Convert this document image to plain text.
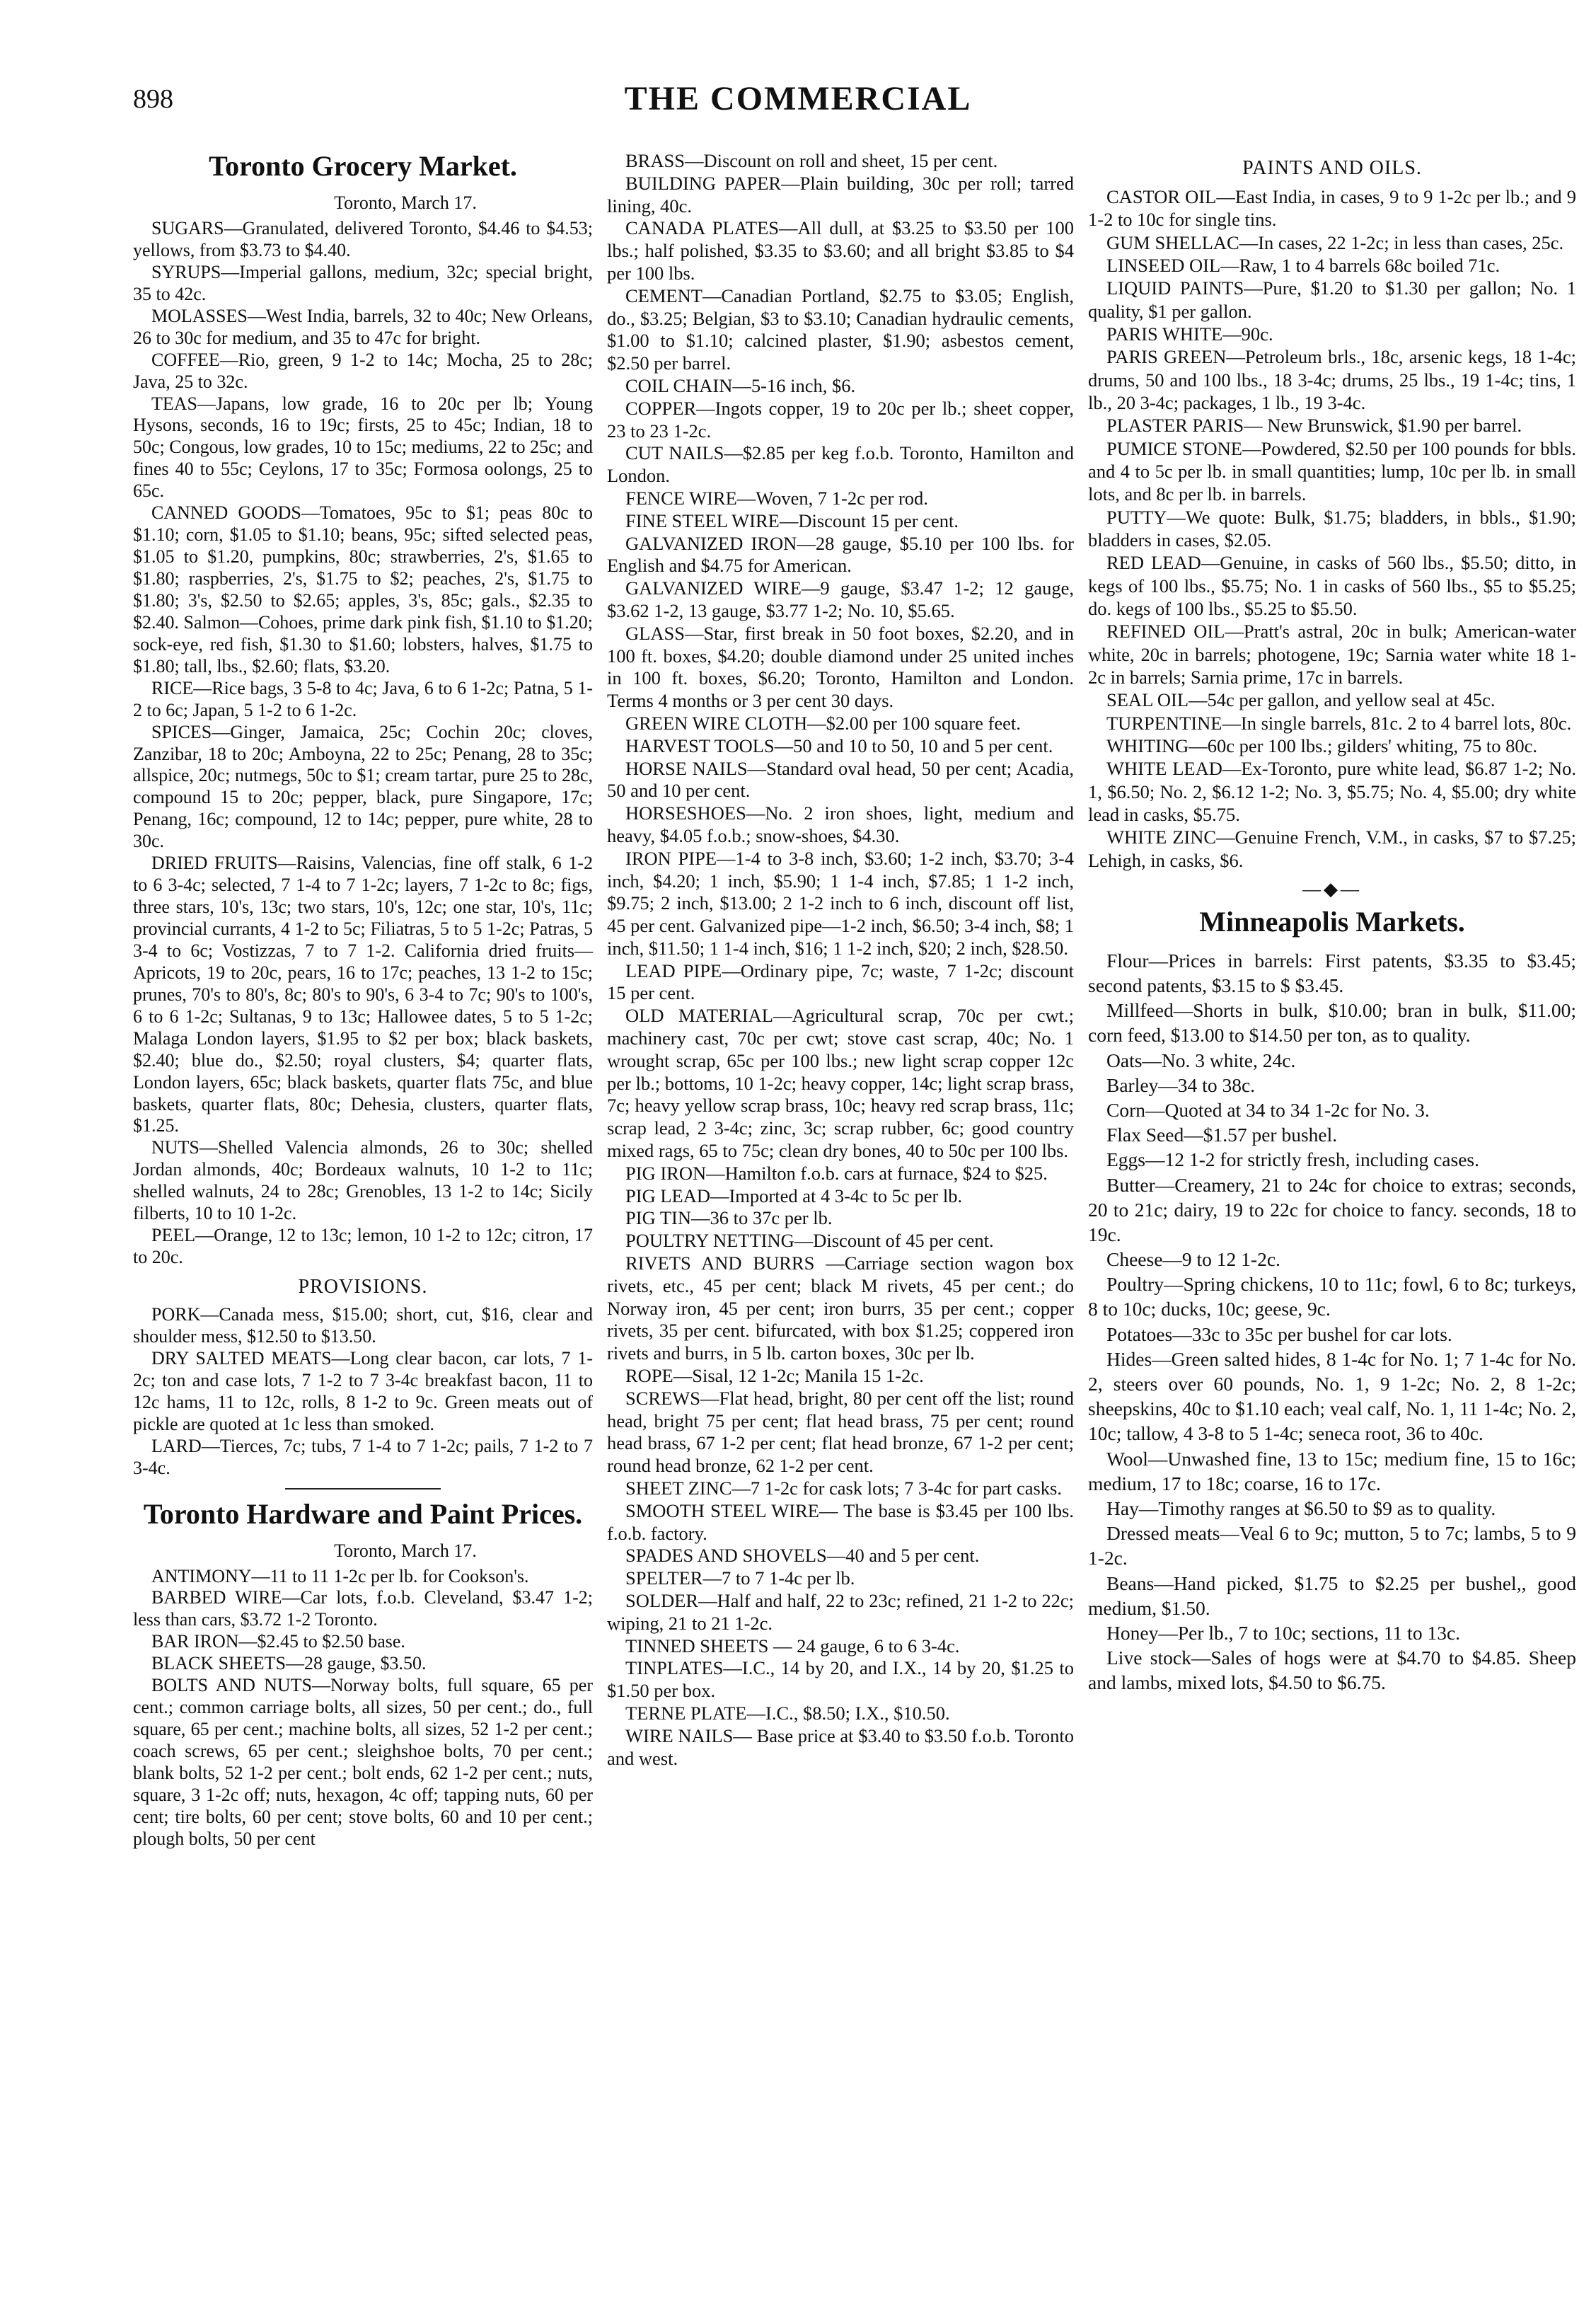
898	THE COMMERCIAL
Toronto Grocery Market.
Toronto, March 17.

SUGARS—Granulated, delivered Toronto, $4.46 to $4.53; yellows, from $3.73 to $4.40.

SYRUPS—Imperial gallons, medium, 32c; special bright, 35 to 42c.

MOLASSES—West India, barrels, 32 to 40c; New Orleans, 26 to 30c for medium, and 35 to 47c for bright.

COFFEE—Rio, green, 9 1-2 to 14c; Mocha, 25 to 28c; Java, 25 to 32c.

TEAS—Japans, low grade, 16 to 20c per lb; Young Hysons, seconds, 16 to 19c; firsts, 25 to 45c; Indian, 18 to 50c; Congous, low grades, 10 to 15c; mediums, 22 to 25c; and fines 40 to 55c; Ceylons, 17 to 35c; Formosa oolongs, 25 to 65c.

CANNED GOODS—Tomatoes, 95c to $1; peas 80c to $1.10; corn, $1.05 to $1.10; beans, 95c; sifted selected peas, $1.05 to $1.20, pumpkins, 80c; strawberries, 2's, $1.65 to $1.80; raspberries, 2's, $1.75 to $2; peaches, 2's, $1.75 to $1.80; 3's, $2.50 to $2.65; apples, 3's, 85c; gals., $2.35 to $2.40. Salmon—Cohoes, prime dark pink fish, $1.10 to $1.20; sock-eye, red fish, $1.30 to $1.60; lobsters, halves, $1.75 to $1.80; tall, lbs., $2.60; flats, $3.20.

RICE—Rice bags, 3 5-8 to 4c; Java, 6 to 6 1-2c; Patna, 5 1-2 to 6c; Japan, 5 1-2 to 6 1-2c.

SPICES—Ginger, Jamaica, 25c; Cochin 20c; cloves, Zanzibar, 18 to 20c; Amboyna, 22 to 25c; Penang, 28 to 35c; allspice, 20c; nutmegs, 50c to $1; cream tartar, pure 25 to 28c, compound 15 to 20c; pepper, black, pure Singapore, 17c; Penang, 16c; compound, 12 to 14c; pepper, pure white, 28 to 30c.

DRIED FRUITS—Raisins, Valencias, fine off stalk, 6 1-2 to 6 3-4c; selected, 7 1-4 to 7 1-2c; layers, 7 1-2c to 8c; figs, three stars, 10's, 13c; two stars, 10's, 12c; one star, 10's, 11c; provincial currants, 4 1-2 to 5c; Filiatras, 5 to 5 1-2c; Patras, 5 3-4 to 6c; Vostizzas, 7 to 7 1-2. California dried fruits—Apricots, 19 to 20c, pears, 16 to 17c; peaches, 13 1-2 to 15c; prunes, 70's to 80's, 8c; 80's to 90's, 6 3-4 to 7c; 90's to 100's, 6 to 6 1-2c; Sultanas, 9 to 13c; Hallowee dates, 5 to 5 1-2c; Malaga London layers, $1.95 to $2 per box; black baskets, $2.40; blue do., $2.50; royal clusters, $4; quarter flats, London layers, 65c; black baskets, quarter flats 75c, and blue baskets, quarter flats, 80c; Dehesia, clusters, quarter flats, $1.25.

NUTS—Shelled Valencia almonds, 26 to 30c; shelled Jordan almonds, 40c; Bordeaux walnuts, 10 1-2 to 11c; shelled walnuts, 24 to 28c; Grenobles, 13 1-2 to 14c; Sicily filberts, 10 to 10 1-2c.

PEEL—Orange, 12 to 13c; lemon, 10 1-2 to 12c; citron, 17 to 20c.

PROVISIONS.

PORK—Canada mess, $15.00; short, cut, $16, clear and shoulder mess, $12.50 to $13.50.

DRY SALTED MEATS—Long clear bacon, car lots, 7 1-2c; ton and case lots, 7 1-2 to 7 3-4c breakfast bacon, 11 to 12c hams, 11 to 12c, rolls, 8 1-2 to 9c. Green meats out of pickle are quoted at 1c less than smoked.

LARD—Tierces, 7c; tubs, 7 1-4 to 7 1-2c; pails, 7 1-2 to 7 3-4c.

Toronto Hardware and Paint Prices.
Toronto, March 17.

ANTIMONY—11 to 11 1-2c per lb. for Cookson's.

BARBED WIRE—Car lots, f.o.b. Cleveland, $3.47 1-2; less than cars, $3.72 1-2 Toronto.

BAR IRON—$2.45 to $2.50 base.

BLACK SHEETS—28 gauge, $3.50.

BOLTS AND NUTS—Norway bolts, full square, 65 per cent.; common carriage bolts, all sizes, 50 per cent.; do., full square, 65 per cent.; machine bolts, all sizes, 52 1-2 per cent.; coach screws, 65 per cent.; sleighshoe bolts, 70 per cent.; blank bolts, 52 1-2 per cent.; bolt ends, 62 1-2 per cent.; nuts, square, 3 1-2c off; nuts, hexagon, 4c off; tapping nuts, 60 per cent; tire bolts, 60 per cent; stove bolts, 60 and 10 per cent.; plough bolts, 50 per cent

BRASS—Discount on roll and sheet, 15 per cent.

BUILDING PAPER—Plain building, 30c per roll; tarred lining, 40c.

CANADA PLATES—All dull, at $3.25 to $3.50 per 100 lbs.; half polished, $3.35 to $3.60; and all bright $3.85 to $4 per 100 lbs.

CEMENT—Canadian Portland, $2.75 to $3.05; English, do., $3.25; Belgian, $3 to $3.10; Canadian hydraulic cements, $1.00 to $1.10; calcined plaster, $1.90; asbestos cement, $2.50 per barrel.

COIL CHAIN—5-16 inch, $6.

COPPER—Ingots copper, 19 to 20c per lb.; sheet copper, 23 to 23 1-2c.

CUT NAILS—$2.85 per keg f.o.b. Toronto, Hamilton and London.

FENCE WIRE—Woven, 7 1-2c per rod.

FINE STEEL WIRE—Discount 15 per cent.

GALVANIZED IRON—28 gauge, $5.10 per 100 lbs. for English and $4.75 for American.

GALVANIZED WIRE—9 gauge, $3.47 1-2; 12 gauge, $3.62 1-2, 13 gauge, $3.77 1-2; No. 10, $5.65.

GLASS—Star, first break in 50 foot boxes, $2.20, and in 100 ft. boxes, $4.20; double diamond under 25 united inches in 100 ft. boxes, $6.20; Toronto, Hamilton and London. Terms 4 months or 3 per cent 30 days.

GREEN WIRE CLOTH—$2.00 per 100 square feet.

HARVEST TOOLS—50 and 10 to 50, 10 and 5 per cent.

HORSE NAILS—Standard oval head, 50 per cent; Acadia, 50 and 10 per cent.

HORSESHOES—No. 2 iron shoes, light, medium and heavy, $4.05 f.o.b.; snow-shoes, $4.30.

IRON PIPE—1-4 to 3-8 inch, $3.60; 1-2 inch, $3.70; 3-4 inch, $4.20; 1 inch, $5.90; 1 1-4 inch, $7.85; 1 1-2 inch, $9.75; 2 inch, $13.00; 2 1-2 inch to 6 inch, discount off list, 45 per cent. Galvanized pipe—1-2 inch, $6.50; 3-4 inch, $8; 1 inch, $11.50; 1 1-4 inch, $16; 1 1-2 inch, $20; 2 inch, $28.50.

LEAD PIPE—Ordinary pipe, 7c; waste, 7 1-2c; discount 15 per cent.

OLD MATERIAL—Agricultural scrap, 70c per cwt.; machinery cast, 70c per cwt; stove cast scrap, 40c; No. 1 wrought scrap, 65c per 100 lbs.; new light scrap copper 12c per lb.; bottoms, 10 1-2c; heavy copper, 14c; light scrap brass, 7c; heavy yellow scrap brass, 10c; heavy red scrap brass, 11c; scrap lead, 2 3-4c; zinc, 3c; scrap rubber, 6c; good country mixed rags, 65 to 75c; clean dry bones, 40 to 50c per 100 lbs.

PIG IRON—Hamilton f.o.b. cars at furnace, $24 to $25.

PIG LEAD—Imported at 4 3-4c to 5c per lb.

PIG TIN—36 to 37c per lb.

POULTRY NETTING—Discount of 45 per cent.

RIVETS AND BURRS —Carriage section wagon box rivets, etc., 45 per cent; black M rivets, 45 per cent.; do Norway iron, 45 per cent; iron burrs, 35 per cent.; copper rivets, 35 per cent. bifurcated, with box $1.25; coppered iron rivets and burrs, in 5 lb. carton boxes, 30c per lb.

ROPE—Sisal, 12 1-2c; Manila 15 1-2c.

SCREWS—Flat head, bright, 80 per cent off the list; round head, bright 75 per cent; flat head brass, 75 per cent; round head brass, 67 1-2 per cent; flat head bronze, 67 1-2 per cent; round head bronze, 62 1-2 per cent.

SHEET ZINC—7 1-2c for cask lots; 7 3-4c for part casks.

SMOOTH STEEL WIRE— The base is $3.45 per 100 lbs. f.o.b. factory.

SPADES AND SHOVELS—40 and 5 per cent.

SPELTER—7 to 7 1-4c per lb.

SOLDER—Half and half, 22 to 23c; refined, 21 1-2 to 22c; wiping, 21 to 21 1-2c.

TINNED SHEETS — 24 gauge, 6 to 6 3-4c.

TINPLATES—I.C., 14 by 20, and I.X., 14 by 20, $1.25 to $1.50 per box.

TERNE PLATE—I.C., $8.50; I.X., $10.50.

WIRE NAILS— Base price at $3.40 to $3.50 f.o.b. Toronto and west.

PAINTS AND OILS.

CASTOR OIL—East India, in cases, 9 to 9 1-2c per lb.; and 9 1-2 to 10c for single tins.

GUM SHELLAC—In cases, 22 1-2c; in less than cases, 25c.

LINSEED OIL—Raw, 1 to 4 barrels 68c boiled 71c.

LIQUID PAINTS—Pure, $1.20 to $1.30 per gallon; No. 1 quality, $1 per gallon.

PARIS WHITE—90c.

PARIS GREEN—Petroleum brls., 18c, arsenic kegs, 18 1-4c; drums, 50 and 100 lbs., 18 3-4c; drums, 25 lbs., 19 1-4c; tins, 1 lb., 20 3-4c; packages, 1 lb., 19 3-4c.

PLASTER PARIS— New Brunswick, $1.90 per barrel.

PUMICE STONE—Powdered, $2.50 per 100 pounds for bbls. and 4 to 5c per lb. in small quantities; lump, 10c per lb. in small lots, and 8c per lb. in barrels.

PUTTY—We quote: Bulk, $1.75; bladders, in bbls., $1.90; bladders in cases, $2.05.

RED LEAD—Genuine, in casks of 560 lbs., $5.50; ditto, in kegs of 100 lbs., $5.75; No. 1 in casks of 560 lbs., $5 to $5.25; do. kegs of 100 lbs., $5.25 to $5.50.

REFINED OIL—Pratt's astral, 20c in bulk; American-water white, 20c in barrels; photogene, 19c; Sarnia water white 18 1-2c in barrels; Sarnia prime, 17c in barrels.

SEAL OIL—54c per gallon, and yellow seal at 45c.

TURPENTINE—In single barrels, 81c. 2 to 4 barrel lots, 80c.

WHITING—60c per 100 lbs.; gilders' whiting, 75 to 80c.

WHITE LEAD—Ex-Toronto, pure white lead, $6.87 1-2; No. 1, $6.50; No. 2, $6.12 1-2; No. 3, $5.75; No. 4, $5.00; dry white lead in casks, $5.75.

WHITE ZINC—Genuine French, V.M., in casks, $7 to $7.25; Lehigh, in casks, $6.

—◆—
Minneapolis Markets.

Flour—Prices in barrels: First patents, $3.35 to $3.45; second patents, $3.15 to $ $3.45.

Millfeed—Shorts in bulk, $10.00; bran in bulk, $11.00; corn feed, $13.00 to $14.50 per ton, as to quality.

Oats—No. 3 white, 24c.

Barley—34 to 38c.

Corn—Quoted at 34 to 34 1-2c for No. 3.

Flax Seed—$1.57 per bushel.

Eggs—12 1-2 for strictly fresh, including cases.

Butter—Creamery, 21 to 24c for choice to extras; seconds, 20 to 21c; dairy, 19 to 22c for choice to fancy. seconds, 18 to 19c.

Cheese—9 to 12 1-2c.

Poultry—Spring chickens, 10 to 11c; fowl, 6 to 8c; turkeys, 8 to 10c; ducks, 10c; geese, 9c.

Potatoes—33c to 35c per bushel for car lots.

Hides—Green salted hides, 8 1-4c for No. 1; 7 1-4c for No. 2, steers over 60 pounds, No. 1, 9 1-2c; No. 2, 8 1-2c; sheepskins, 40c to $1.10 each; veal calf, No. 1, 11 1-4c; No. 2, 10c; tallow, 4 3-8 to 5 1-4c; seneca root, 36 to 40c.

Wool—Unwashed fine, 13 to 15c; medium fine, 15 to 16c; medium, 17 to 18c; coarse, 16 to 17c.

Hay—Timothy ranges at $6.50 to $9 as to quality.

Dressed meats—Veal 6 to 9c; mutton, 5 to 7c; lambs, 5 to 9 1-2c.

Beans—Hand picked, $1.75 to $2.25 per bushel,, good medium, $1.50.

Honey—Per lb., 7 to 10c; sections, 11 to 13c.

Live stock—Sales of hogs were at $4.70 to $4.85. Sheep and lambs, mixed lots, $4.50 to $6.75.
